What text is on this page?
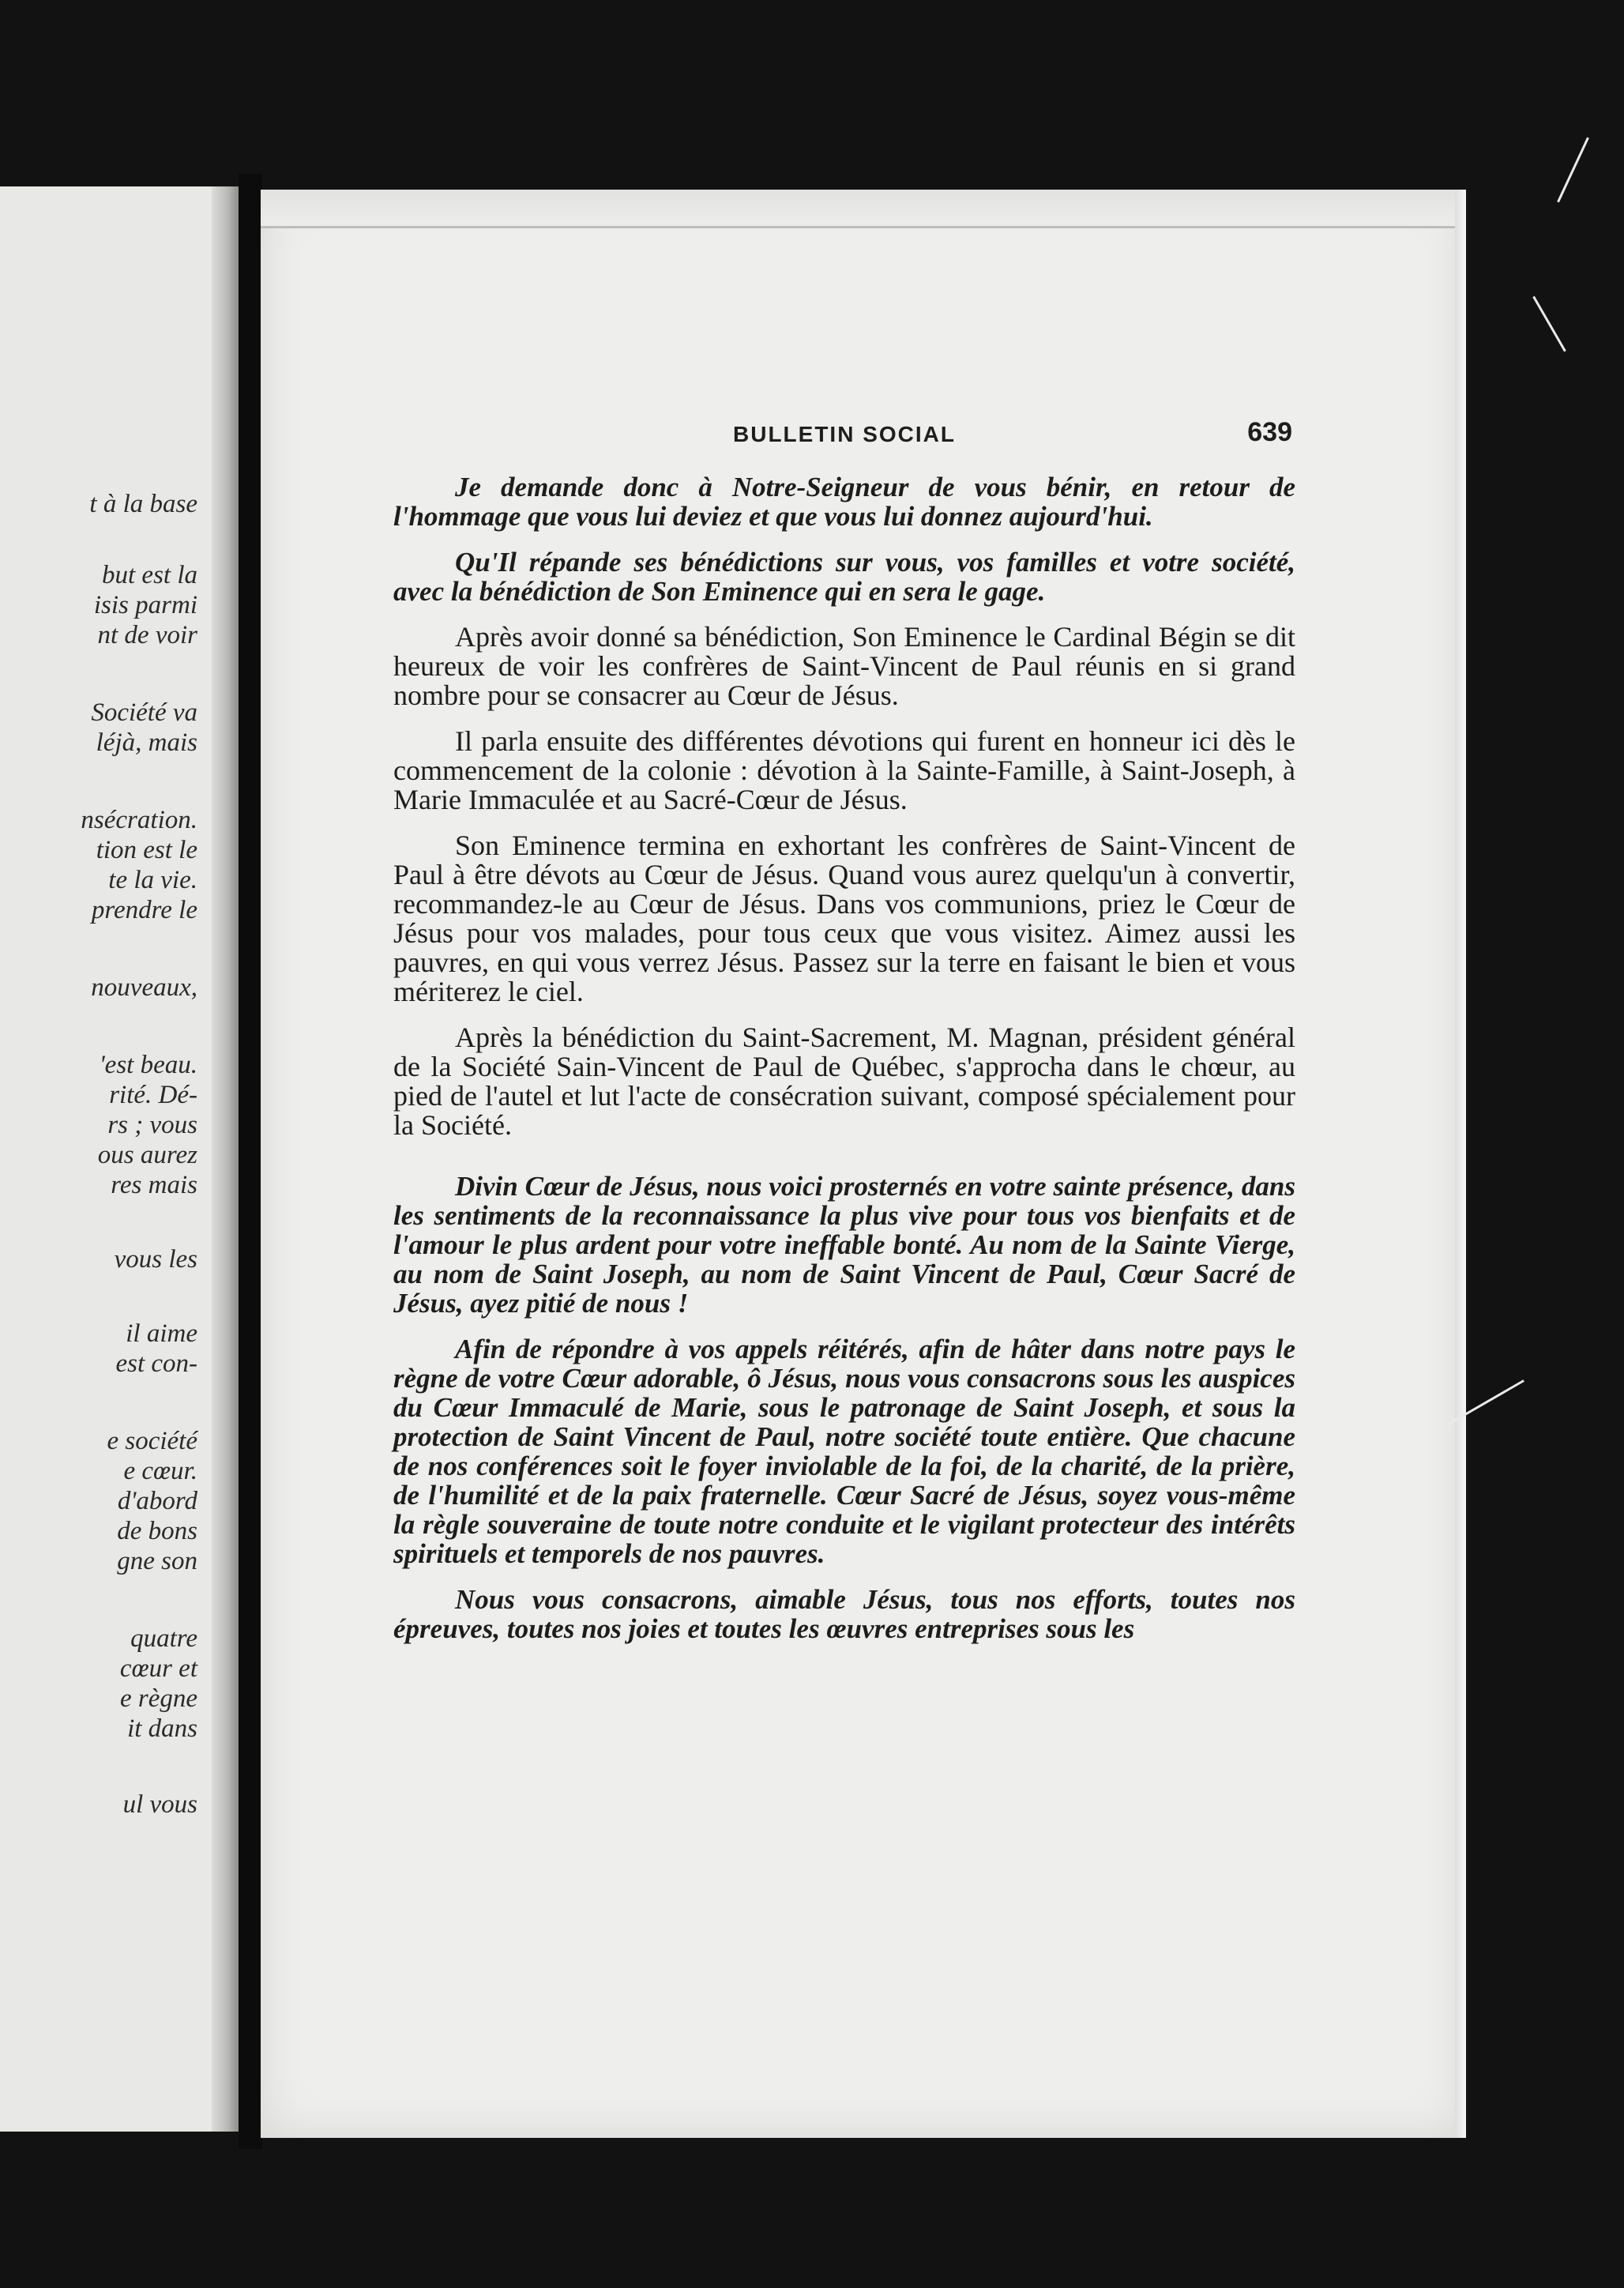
t à la base
but est la
isis parmi
nt de voir
Société va
léjà, mais
nsécration.
tion est le
te la vie.
prendre le
nouveaux,
'est beau.
rité. Dé-
rs ; vous
ous aurez
res mais
vous les
il aime
est con-
e société
e cœur.
d'abord
de bons
gne son
quatre
cœur et
e règne
it dans
ul vous
BULLETIN SOCIAL	639

Je demande donc à Notre-Seigneur de vous bénir, en retour de l'hommage que vous lui deviez et que vous lui donnez aujourd'hui.

Qu'Il répande ses bénédictions sur vous, vos familles et votre société, avec la bénédiction de Son Eminence qui en sera le gage.

Après avoir donné sa bénédiction, Son Eminence le Cardinal Bégin se dit heureux de voir les confrères de Saint-Vincent de Paul réunis en si grand nombre pour se consacrer au Cœur de Jésus.

Il parla ensuite des différentes dévotions qui furent en honneur ici dès le commencement de la colonie : dévotion à la Sainte-Famille, à Saint-Joseph, à Marie Immaculée et au Sacré-Cœur de Jésus.

Son Eminence termina en exhortant les confrères de Saint-Vincent de Paul à être dévots au Cœur de Jésus. Quand vous aurez quelqu'un à convertir, recommandez-le au Cœur de Jésus. Dans vos communions, priez le Cœur de Jésus pour vos malades, pour tous ceux que vous visitez. Aimez aussi les pauvres, en qui vous verrez Jésus. Passez sur la terre en faisant le bien et vous mériterez le ciel.

Après la bénédiction du Saint-Sacrement, M. Magnan, président général de la Société Sain-Vincent de Paul de Québec, s'approcha dans le chœur, au pied de l'autel et lut l'acte de consécration suivant, composé spécialement pour la Société.

Divin Cœur de Jésus, nous voici prosternés en votre sainte présence, dans les sentiments de la reconnaissance la plus vive pour tous vos bienfaits et de l'amour le plus ardent pour votre ineffable bonté. Au nom de la Sainte Vierge, au nom de Saint Joseph, au nom de Saint Vincent de Paul, Cœur Sacré de Jésus, ayez pitié de nous !

Afin de répondre à vos appels réitérés, afin de hâter dans notre pays le règne de votre Cœur adorable, ô Jésus, nous vous consacrons sous les auspices du Cœur Immaculé de Marie, sous le patronage de Saint Joseph, et sous la protection de Saint Vincent de Paul, notre société toute entière. Que chacune de nos conférences soit le foyer inviolable de la foi, de la charité, de la prière, de l'humilité et de la paix fraternelle. Cœur Sacré de Jésus, soyez vous-même la règle souveraine de toute notre conduite et le vigilant protecteur des intérêts spirituels et temporels de nos pauvres.

Nous vous consacrons, aimable Jésus, tous nos efforts, toutes nos épreuves, toutes nos joies et toutes les œuvres entreprises sous les
